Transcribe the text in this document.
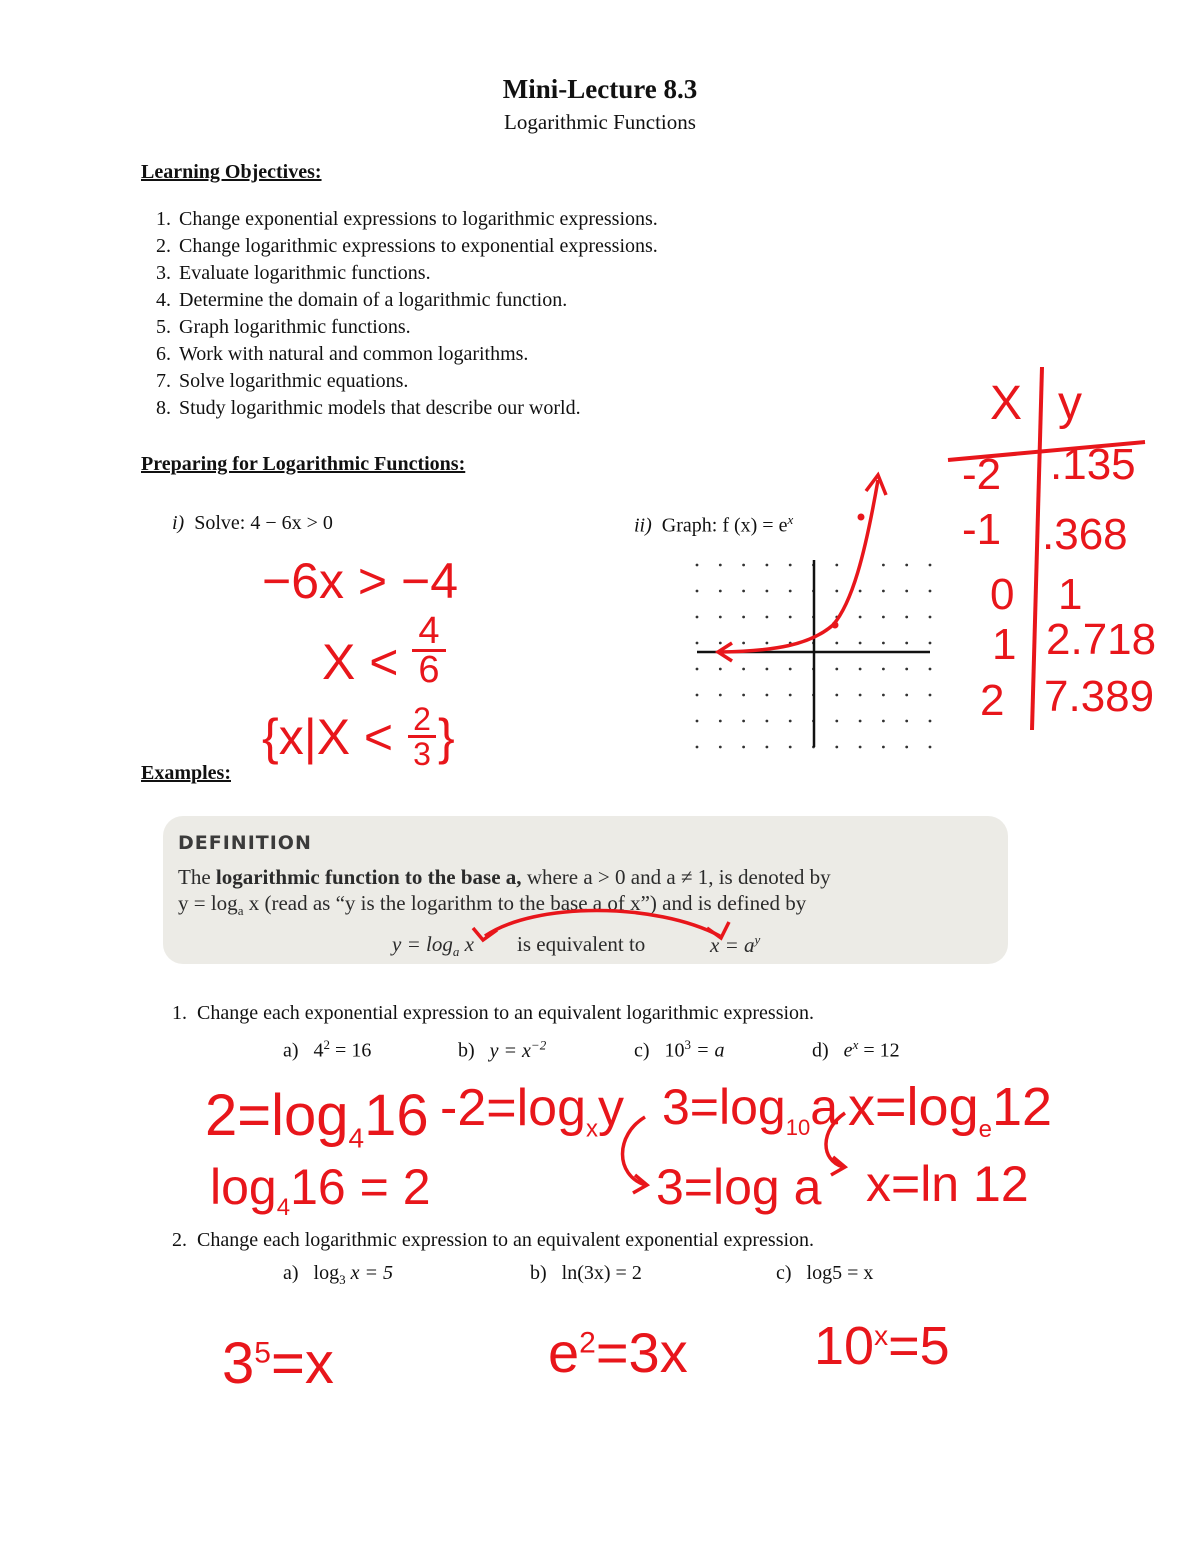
Mini-Lecture 8.3
Logarithmic Functions
Learning Objectives:
1. Change exponential expressions to logarithmic expressions.
2. Change logarithmic expressions to exponential expressions.
3. Evaluate logarithmic functions.
4. Determine the domain of a logarithmic function.
5. Graph logarithmic functions.
6. Work with natural and common logarithms.
7. Solve logarithmic equations.
8. Study logarithmic models that describe our world.
Preparing for Logarithmic Functions:
i) Solve: 4 − 6x > 0	ii) Graph: f $(x) = e^x$
−6x > −4
X <
4
6
{x|X < 2
3 }
X y
-2 .135
-1 .368
0 1
1 2.718
2 7.389
Examples:
DEFINITION
The logarithmic function to the base a, where a > 0 and a ≠ 1, is denoted by
$y = \log_a x$ (read as “y is the logarithm to the base a of x”) and is defined by
$y = \log_a x$ is equivalent to	$x = a^y$
1. Change each exponential expression to an equivalent logarithmic expression.
a) $4^2 = 16$	b) $y = x^{-2}$	c) $10^3 = a$	d) $e^x = 12$
$2=\log_416$
$\log_416 = 2$
$-2=\log_xy$ $3=\log_{10}a$
3=log a
$x=\log_e12$
x=ln 12
2. Change each logarithmic expression to an equivalent exponential expression.
a) $\log_3 x = 5$	b) ln(3x) = 2	c) log5 = x
$3^5=x$	$e^2=3x$ $10^x=5$
